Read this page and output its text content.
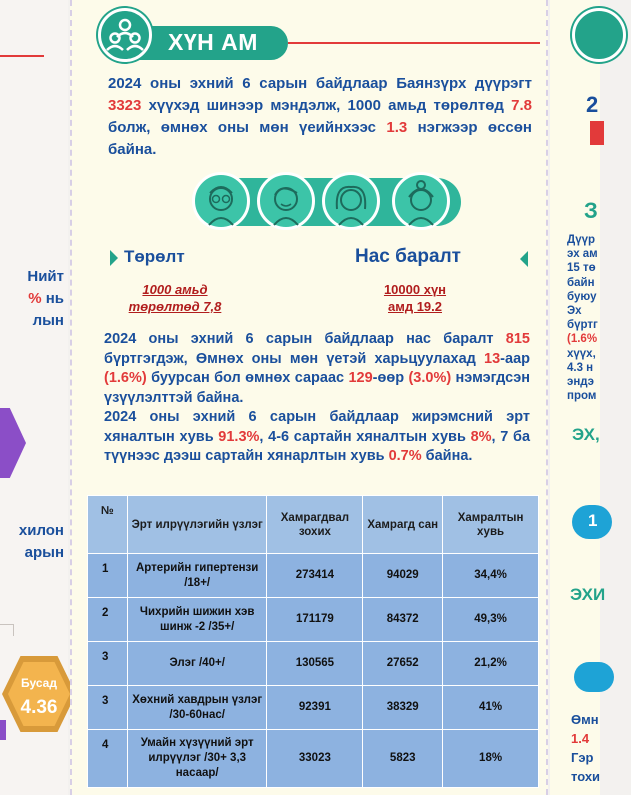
Нийт
% нь
лын
хилон
арын
Бусад
4.36
ХҮН АМ
2024 оны эхний 6 сарын байдлаар Баянзүрх дүүрэгт 3323 хүүхэд шинээр мэндэлж, 1000 амьд төрөлтөд 7.8 болж, өмнөх оны мөн үеийнхээс 1.3 нэгжээр өссөн байна.
Төрөлт	Нас баралт
1000 амьд
төрөлтөд 7,8
10000 хүн
амд 19.2
2024 оны эхний 6 сарын байдлаар нас баралт 815 бүртгэгдэж, Өмнөх оны мөн үетэй харьцуулахад 13-аар (1.6%) буурсан бол өмнөх сараас 129-өөр (3.0%) нэмэгдсэн үзүүлэлттэй байна.
2024 оны эхний 6 сарын байдлаар жирэмсний эрт хяналтын хувь 91.3%, 4-6 сартайн хяналтын хувь 8%, 7 ба түүнээс дээш сартайн хянарлтын хувь 0.7% байна.
№	Эрт илрүүлэгийн үзлэг	Хамрагдвал зохих	Хамрагд сан	Хамралтын хувь
1	Артерийн гипертензи /18+/	273414	94029	34,4%
2	Чихрийн шижин хэв шинж -2 /35+/	171179	84372	49,3%
3	Элэг /40+/	130565	27652	21,2%
3	Хөхний хавдрын үзлэг /30-60нас/	92391	38329	41%
4	Умайн хүзүүний эрт илрүүлэг /30+ 3,3 насаар/	33023	5823	18%
2
З
Дүүр
эх ам
15 тө
байн
буюу
Эх
бүртг
(1.6%
хүүх,
4.3 н
эндэ
пром
ЭХ,
1
ЭХИ
Өмн
1.4
Гэр
тохи
